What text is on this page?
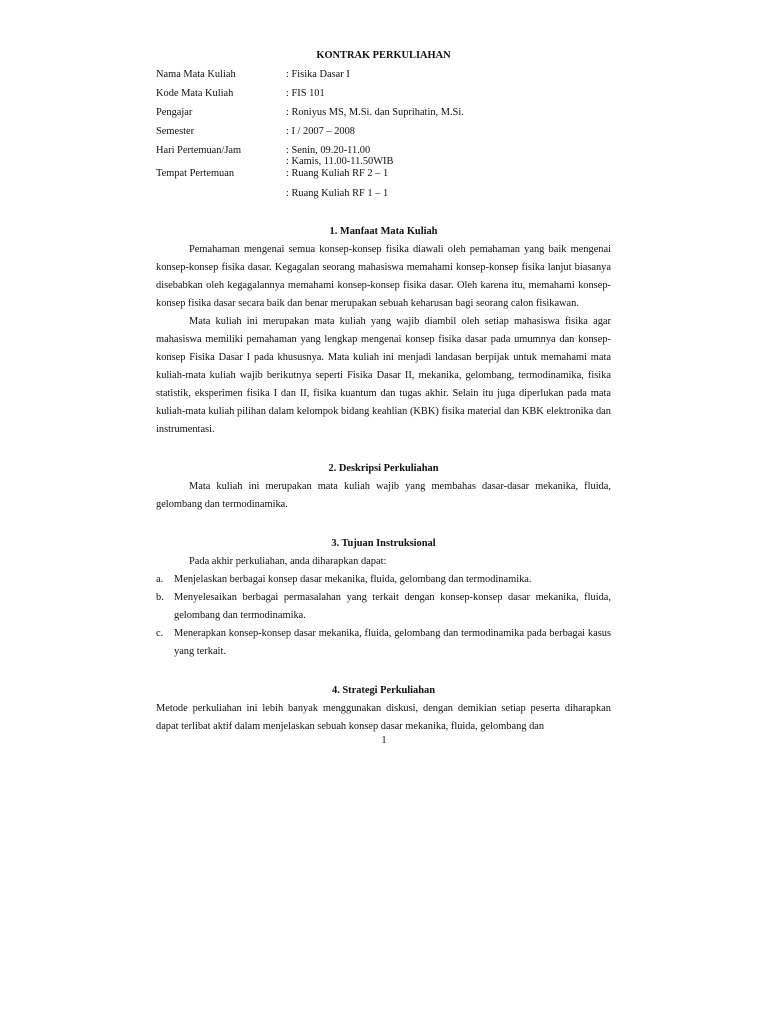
KONTRAK PERKULIAHAN
Nama Mata Kuliah	: Fisika Dasar I
Kode Mata Kuliah	: FIS 101
Pengajar	: Roniyus MS, M.Si. dan Suprihatin, M.Si.
Semester	: I / 2007 – 2008
Hari Pertemuan/Jam	: Senin, 09.20-11.00
: Kamis, 11.00-11.50WIB
Tempat Pertemuan	: Ruang Kuliah RF 2 – 1
: Ruang Kuliah RF 1 – 1
1. Manfaat Mata Kuliah

Pemahaman mengenai semua konsep-konsep fisika diawali oleh pemahaman yang baik mengenai konsep-konsep fisika dasar. Kegagalan seorang mahasiswa memahami konsep-konsep fisika lanjut biasanya disebabkan oleh kegagalannya memahami konsep-konsep fisika dasar. Oleh karena itu, memahami konsep-konsep fisika dasar secara baik dan benar merupakan sebuah keharusan bagi seorang calon fisikawan.

Mata kuliah ini merupakan mata kuliah yang wajib diambil oleh setiap mahasiswa fisika agar mahasiswa memiliki pemahaman yang lengkap mengenai konsep fisika dasar pada umumnya dan konsep-konsep Fisika Dasar I pada khususnya. Mata kuliah ini menjadi landasan berpijak untuk memahami mata kuliah-mata kuliah wajib berikutnya seperti Fisika Dasar II, mekanika, gelombang, termodinamika, fisika statistik, eksperimen fisika I dan II, fisika kuantum dan tugas akhir. Selain itu juga diperlukan pada mata kuliah-mata kuliah pilihan dalam kelompok bidang keahlian (KBK) fisika material dan KBK elektronika dan instrumentasi.

2. Deskripsi Perkuliahan

Mata kuliah ini merupakan mata kuliah wajib yang membahas dasar-dasar mekanika, fluida, gelombang dan termodinamika.

3. Tujuan Instruksional

Pada akhir perkuliahan, anda diharapkan dapat:

a.	Menjelaskan berbagai konsep dasar mekanika, fluida, gelombang dan termodinamika.
b. Menyelesaikan berbagai permasalahan yang terkait dengan konsep-konsep dasar mekanika, fluida, gelombang dan termodinamika.
c.	Menerapkan konsep-konsep dasar mekanika, fluida, gelombang dan termodinamika pada berbagai kasus yang terkait.
4. Strategi Perkuliahan

Metode perkuliahan ini lebih banyak menggunakan diskusi, dengan demikian setiap peserta diharapkan dapat terlibat aktif dalam menjelaskan sebuah konsep dasar mekanika, fluida, gelombang dan

1
